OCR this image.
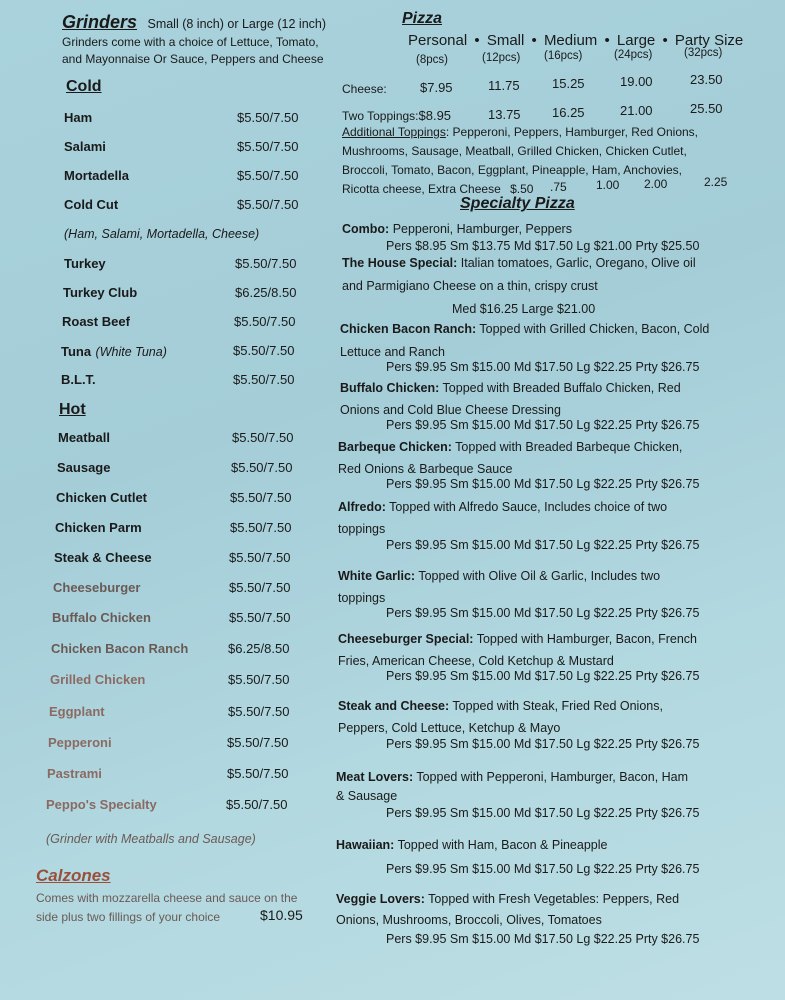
Grinders Small (8 inch) or Large (12 inch)
Grinders come with a choice of Lettuce, Tomato,
and Mayonnaise Or Sauce, Peppers and Cheese
Cold
Ham	$5.50/7.50
Salami	$5.50/7.50
Mortadella	$5.50/7.50
Cold Cut	$5.50/7.50
(Ham, Salami, Mortadella, Cheese)
Turkey	$5.50/7.50
Turkey Club	$6.25/8.50
Roast Beef	$5.50/7.50
Tuna (White Tuna)	$5.50/7.50
B.L.T.	$5.50/7.50
Hot
Meatball	$5.50/7.50
Sausage	$5.50/7.50
Chicken Cutlet	$5.50/7.50
Chicken Parm	$5.50/7.50
Steak & Cheese	$5.50/7.50
Cheeseburger	$5.50/7.50
Buffalo Chicken	$5.50/7.50
Chicken Bacon Ranch	$6.25/8.50
Grilled Chicken	$5.50/7.50
Eggplant	$5.50/7.50
Pepperoni	$5.50/7.50
Pastrami	$5.50/7.50
Peppo's Specialty	$5.50/7.50
(Grinder with Meatballs and Sausage)
Calzones
Comes with mozzarella cheese and sauce on the
side plus two fillings of your choice	$10.95
Pizza
Personal • Small • Medium • Large • Party Size
(8pcs)	(12pcs) (16pcs)	(24pcs)	(32pcs)
Cheese:	$7.95	11.75 15.25	19.00	23.50
Two Toppings:$8.95	13.75 16.25	21.00	25.50
Additional Toppings: Pepperoni, Peppers, Hamburger, Red Onions,
Mushrooms, Sausage, Meatball, Grilled Chicken, Chicken Cutlet,
Broccoli, Tomato, Bacon, Eggplant, Pineapple, Ham, Anchovies,
Ricotta cheese, Extra Cheese $.50 .75 1.00 2.00	2.25
Specialty Pizza
Combo: Pepperoni, Hamburger, Peppers
Pers $8.95 Sm $13.75 Md $17.50 Lg $21.00 Prty $25.50
The House Special: Italian tomatoes, Garlic, Oregano, Olive oil
and Parmigiano Cheese on a thin, crispy crust
Med $16.25 Large $21.00
Chicken Bacon Ranch: Topped with Grilled Chicken, Bacon, Cold
Lettuce and Ranch
Pers $9.95 Sm $15.00 Md $17.50 Lg $22.25 Prty $26.75
Buffalo Chicken: Topped with Breaded Buffalo Chicken, Red
Onions and Cold Blue Cheese Dressing
Pers $9.95 Sm $15.00 Md $17.50 Lg $22.25 Prty $26.75
Barbeque Chicken: Topped with Breaded Barbeque Chicken,
Red Onions & Barbeque Sauce
Pers $9.95 Sm $15.00 Md $17.50 Lg $22.25 Prty $26.75
Alfredo: Topped with Alfredo Sauce, Includes choice of two
toppings
Pers $9.95 Sm $15.00 Md $17.50 Lg $22.25 Prty $26.75
White Garlic: Topped with Olive Oil & Garlic, Includes two
toppings
Pers $9.95 Sm $15.00 Md $17.50 Lg $22.25 Prty $26.75
Cheeseburger Special: Topped with Hamburger, Bacon, French
Fries, American Cheese, Cold Ketchup & Mustard
Pers $9.95 Sm $15.00 Md $17.50 Lg $22.25 Prty $26.75
Steak and Cheese: Topped with Steak, Fried Red Onions,
Peppers, Cold Lettuce, Ketchup & Mayo
Pers $9.95 Sm $15.00 Md $17.50 Lg $22.25 Prty $26.75
Meat Lovers: Topped with Pepperoni, Hamburger, Bacon, Ham
& Sausage
Pers $9.95 Sm $15.00 Md $17.50 Lg $22.25 Prty $26.75
Hawaiian: Topped with Ham, Bacon & Pineapple
Pers $9.95 Sm $15.00 Md $17.50 Lg $22.25 Prty $26.75
Veggie Lovers: Topped with Fresh Vegetables: Peppers, Red
Onions, Mushrooms, Broccoli, Olives, Tomatoes
Pers $9.95 Sm $15.00 Md $17.50 Lg $22.25 Prty $26.75
